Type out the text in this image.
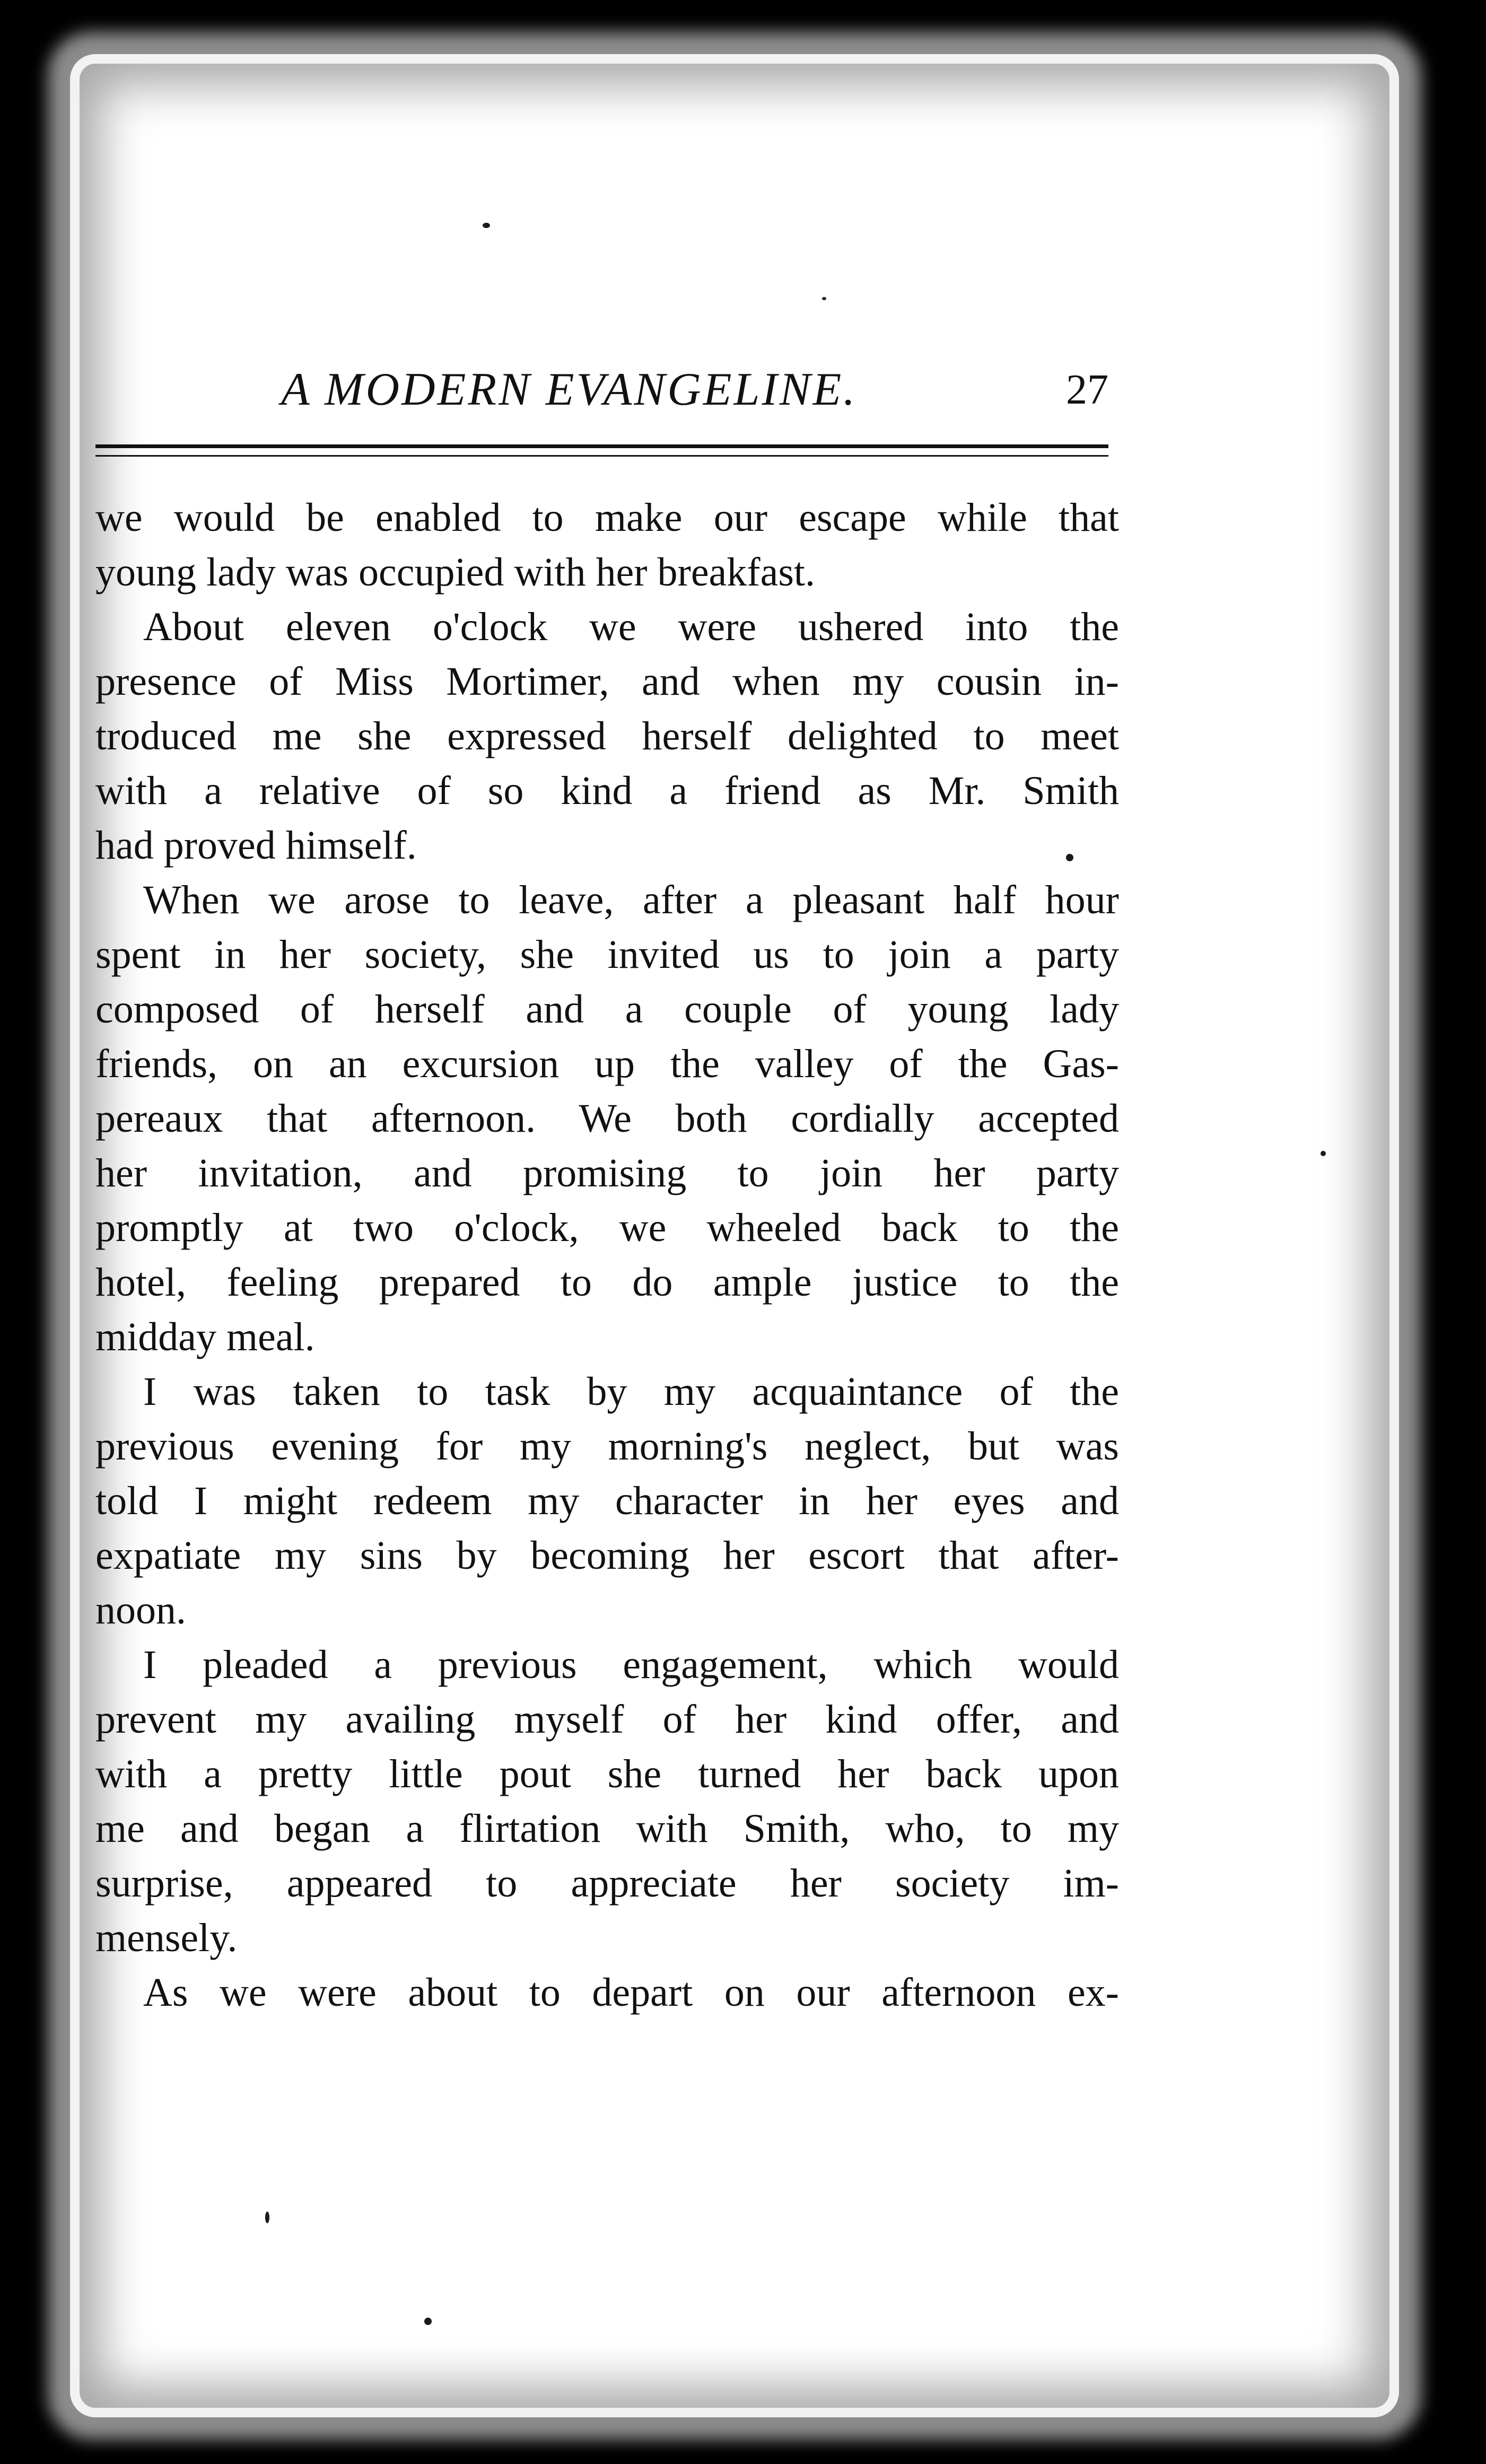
A MODERN EVANGELINE.	27

we would be enabled to make our escape while that
young lady was occupied with her breakfast.

About eleven o'clock we were ushered into the
presence of Miss Mortimer, and when my cousin in-
troduced me she expressed herself delighted to meet
with a relative of so kind a friend as Mr. Smith
had proved himself.

When we arose to leave, after a pleasant half hour
spent in her society, she invited us to join a party
composed of herself and a couple of young lady
friends, on an excursion up the valley of the Gas-
pereaux that afternoon. We both cordially accepted
her invitation, and promising to join her party
promptly at two o'clock, we wheeled back to the
hotel, feeling prepared to do ample justice to the
midday meal.

I was taken to task by my acquaintance of the
previous evening for my morning's neglect, but was
told I might redeem my character in her eyes and
expatiate my sins by becoming her escort that after-
noon.

I pleaded a previous engagement, which would
prevent my availing myself of her kind offer, and
with a pretty little pout she turned her back upon
me and began a flirtation with Smith, who, to my
surprise, appeared to appreciate her society im-
mensely.

As we were about to depart on our afternoon ex-
